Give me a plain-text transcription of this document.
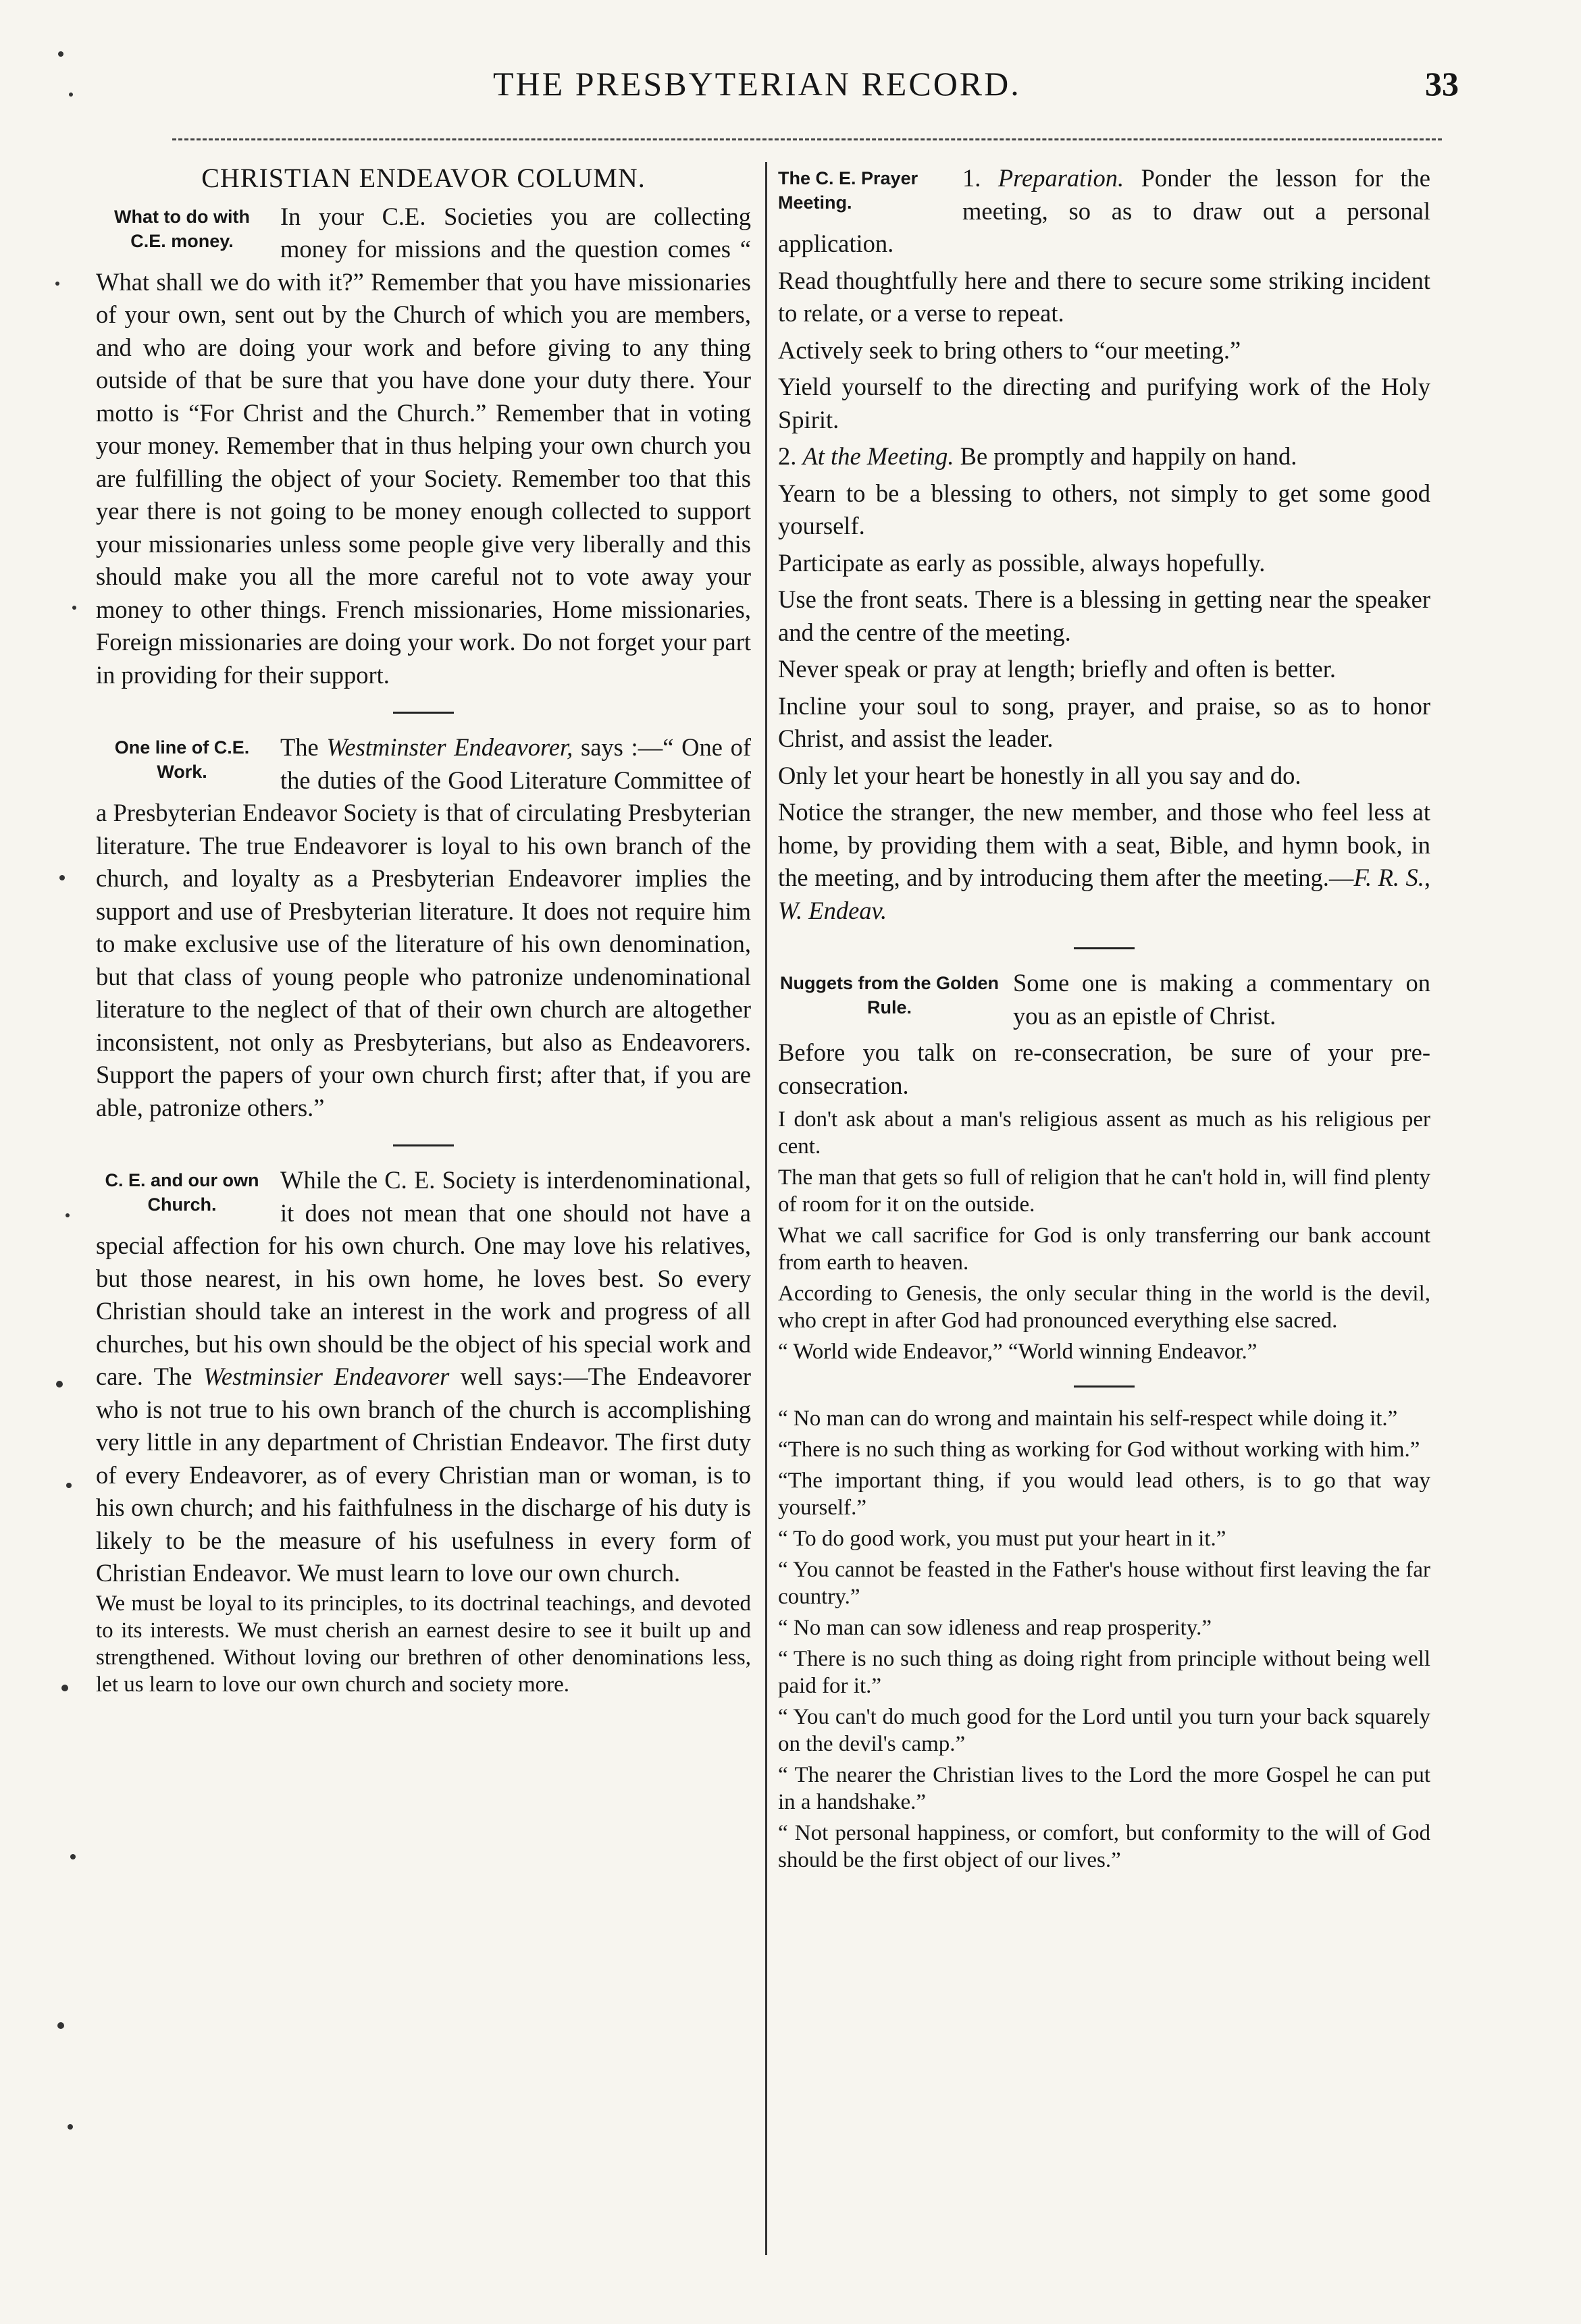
THE PRESBYTERIAN RECORD.	33
CHRISTIAN ENDEAVOR COLUMN.
What to do with C.E. money.

In your C.E. Societies you are collecting money for missions and the question comes “ What shall we do with it?” Remember that you have missionaries of your own, sent out by the Church of which you are members, and who are doing your work and before giving to any thing outside of that be sure that you have done your duty there. Your motto is “For Christ and the Church.” Remember that in voting your money. Remember that in thus helping your own church you are fulfilling the object of your Society. Remember too that this year there is not going to be money enough collected to support your missionaries unless some people give very liberally and this should make you all the more careful not to vote away your money to other things. French missionaries, Home missionaries, Foreign missionaries are doing your work. Do not forget your part in providing for their support.

One line of C.E. Work.

The Westminster Endeavorer, says :—“ One of the duties of the Good Literature Committee of a Presbyterian Endeavor Society is that of circulating Presbyterian literature. The true Endeavorer is loyal to his own branch of the church, and loyalty as a Presbyterian Endeavorer implies the support and use of Presbyterian literature. It does not require him to make exclusive use of the literature of his own denomination, but that class of young people who patronize undenominational literature to the neglect of that of their own church are altogether inconsistent, not only as Presbyterians, but also as Endeavorers. Support the papers of your own church first; after that, if you are able, patronize others.”

C. E. and our own Church.

While the C. E. Society is interdenominational, it does not mean that one should not have a special affection for his own church. One may love his relatives, but those nearest, in his own home, he loves best. So every Christian should take an interest in the work and progress of all churches, but his own should be the object of his special work and care. The Westminsier Endeavorer well says:—The Endeavorer who is not true to his own branch of the church is accomplishing very little in any department of Christian Endeavor. The first duty of every Endeavorer, as of every Christian man or woman, is to his own church; and his faithfulness in the discharge of his duty is likely to be the measure of his usefulness in every form of Christian Endeavor. We must learn to love our own church.

We must be loyal to its principles, to its doctrinal teachings, and devoted to its interests. We must cherish an earnest desire to see it built up and strengthened. Without loving our brethren of other denominations less, let us learn to love our own church and society more.

The C. E. Prayer Meeting.

1. Preparation. Ponder the lesson for the meeting, so as to draw out a personal application.

Read thoughtfully here and there to secure some striking incident to relate, or a verse to repeat.

Actively seek to bring others to “our meeting.”

Yield yourself to the directing and purifying work of the Holy Spirit.

2. At the Meeting. Be promptly and happily on hand.

Yearn to be a blessing to others, not simply to get some good yourself.

Participate as early as possible, always hopefully.

Use the front seats. There is a blessing in getting near the speaker and the centre of the meeting.

Never speak or pray at length; briefly and often is better.

Incline your soul to song, prayer, and praise, so as to honor Christ, and assist the leader.

Only let your heart be honestly in all you say and do.

Notice the stranger, the new member, and those who feel less at home, by providing them with a seat, Bible, and hymn book, in the meeting, and by introducing them after the meeting.—F. R. S., W. Endeav.

Nuggets from the Golden Rule.

Some one is making a commentary on you as an epistle of Christ.

Before you talk on re-consecration, be sure of your pre-consecration.

I don't ask about a man's religious assent as much as his religious per cent.

The man that gets so full of religion that he can't hold in, will find plenty of room for it on the outside.

What we call sacrifice for God is only transferring our bank account from earth to heaven.

According to Genesis, the only secular thing in the world is the devil, who crept in after God had pronounced everything else sacred.

“ World wide Endeavor,” “World winning Endeavor.”

“ No man can do wrong and maintain his self-respect while doing it.”

“There is no such thing as working for God without working with him.”

“The important thing, if you would lead others, is to go that way yourself.”

“ To do good work, you must put your heart in it.”

“ You cannot be feasted in the Father's house without first leaving the far country.”

“ No man can sow idleness and reap prosperity.”

“ There is no such thing as doing right from principle without being well paid for it.”

“ You can't do much good for the Lord until you turn your back squarely on the devil's camp.”

“ The nearer the Christian lives to the Lord the more Gospel he can put in a handshake.”

“ Not personal happiness, or comfort, but conformity to the will of God should be the first object of our lives.”
